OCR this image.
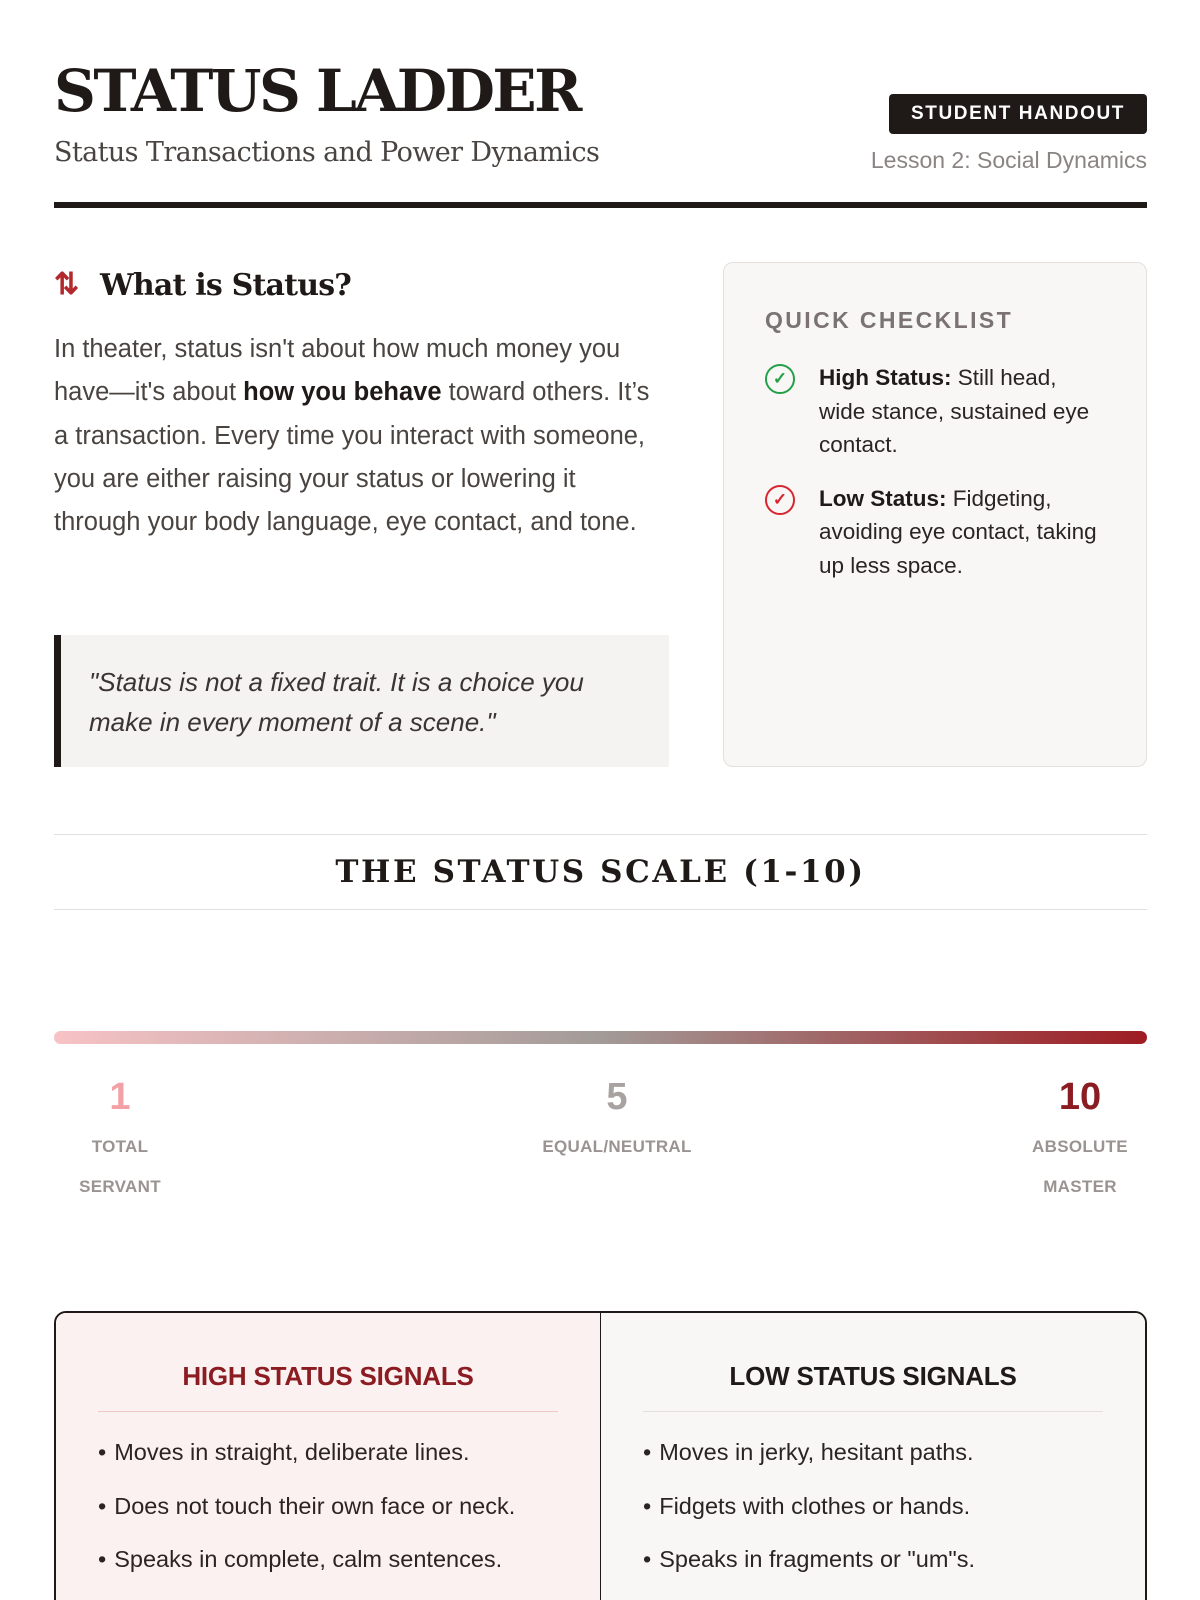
STATUS LADDER
Status Transactions and Power Dynamics
STUDENT HANDOUT
Lesson 2: Social Dynamics
⇅ What is Status?

In theater, status isn't about how much money you have—it's about how you behave toward others. It’s a transaction. Every time you interact with someone, you are either raising your status or lowering it through your body language, eye contact, and tone.

"Status is not a fixed trait. It is a choice you make in every moment of a scene."
QUICK CHECKLIST
✓	High Status: Still head, wide stance, sustained eye contact.
✓	Low Status: Fidgeting, avoiding eye contact, taking up less space.
THE STATUS SCALE (1-10)
1
TOTAL
SERVANT
5
EQUAL/NEUTRAL
10
ABSOLUTE
MASTER
HIGH STATUS SIGNALS
• Moves in straight, deliberate lines.
• Does not touch their own face or neck.
• Speaks in complete, calm sentences.
LOW STATUS SIGNALS
• Moves in jerky, hesitant paths.
• Fidgets with clothes or hands.
• Speaks in fragments or "um"s.
